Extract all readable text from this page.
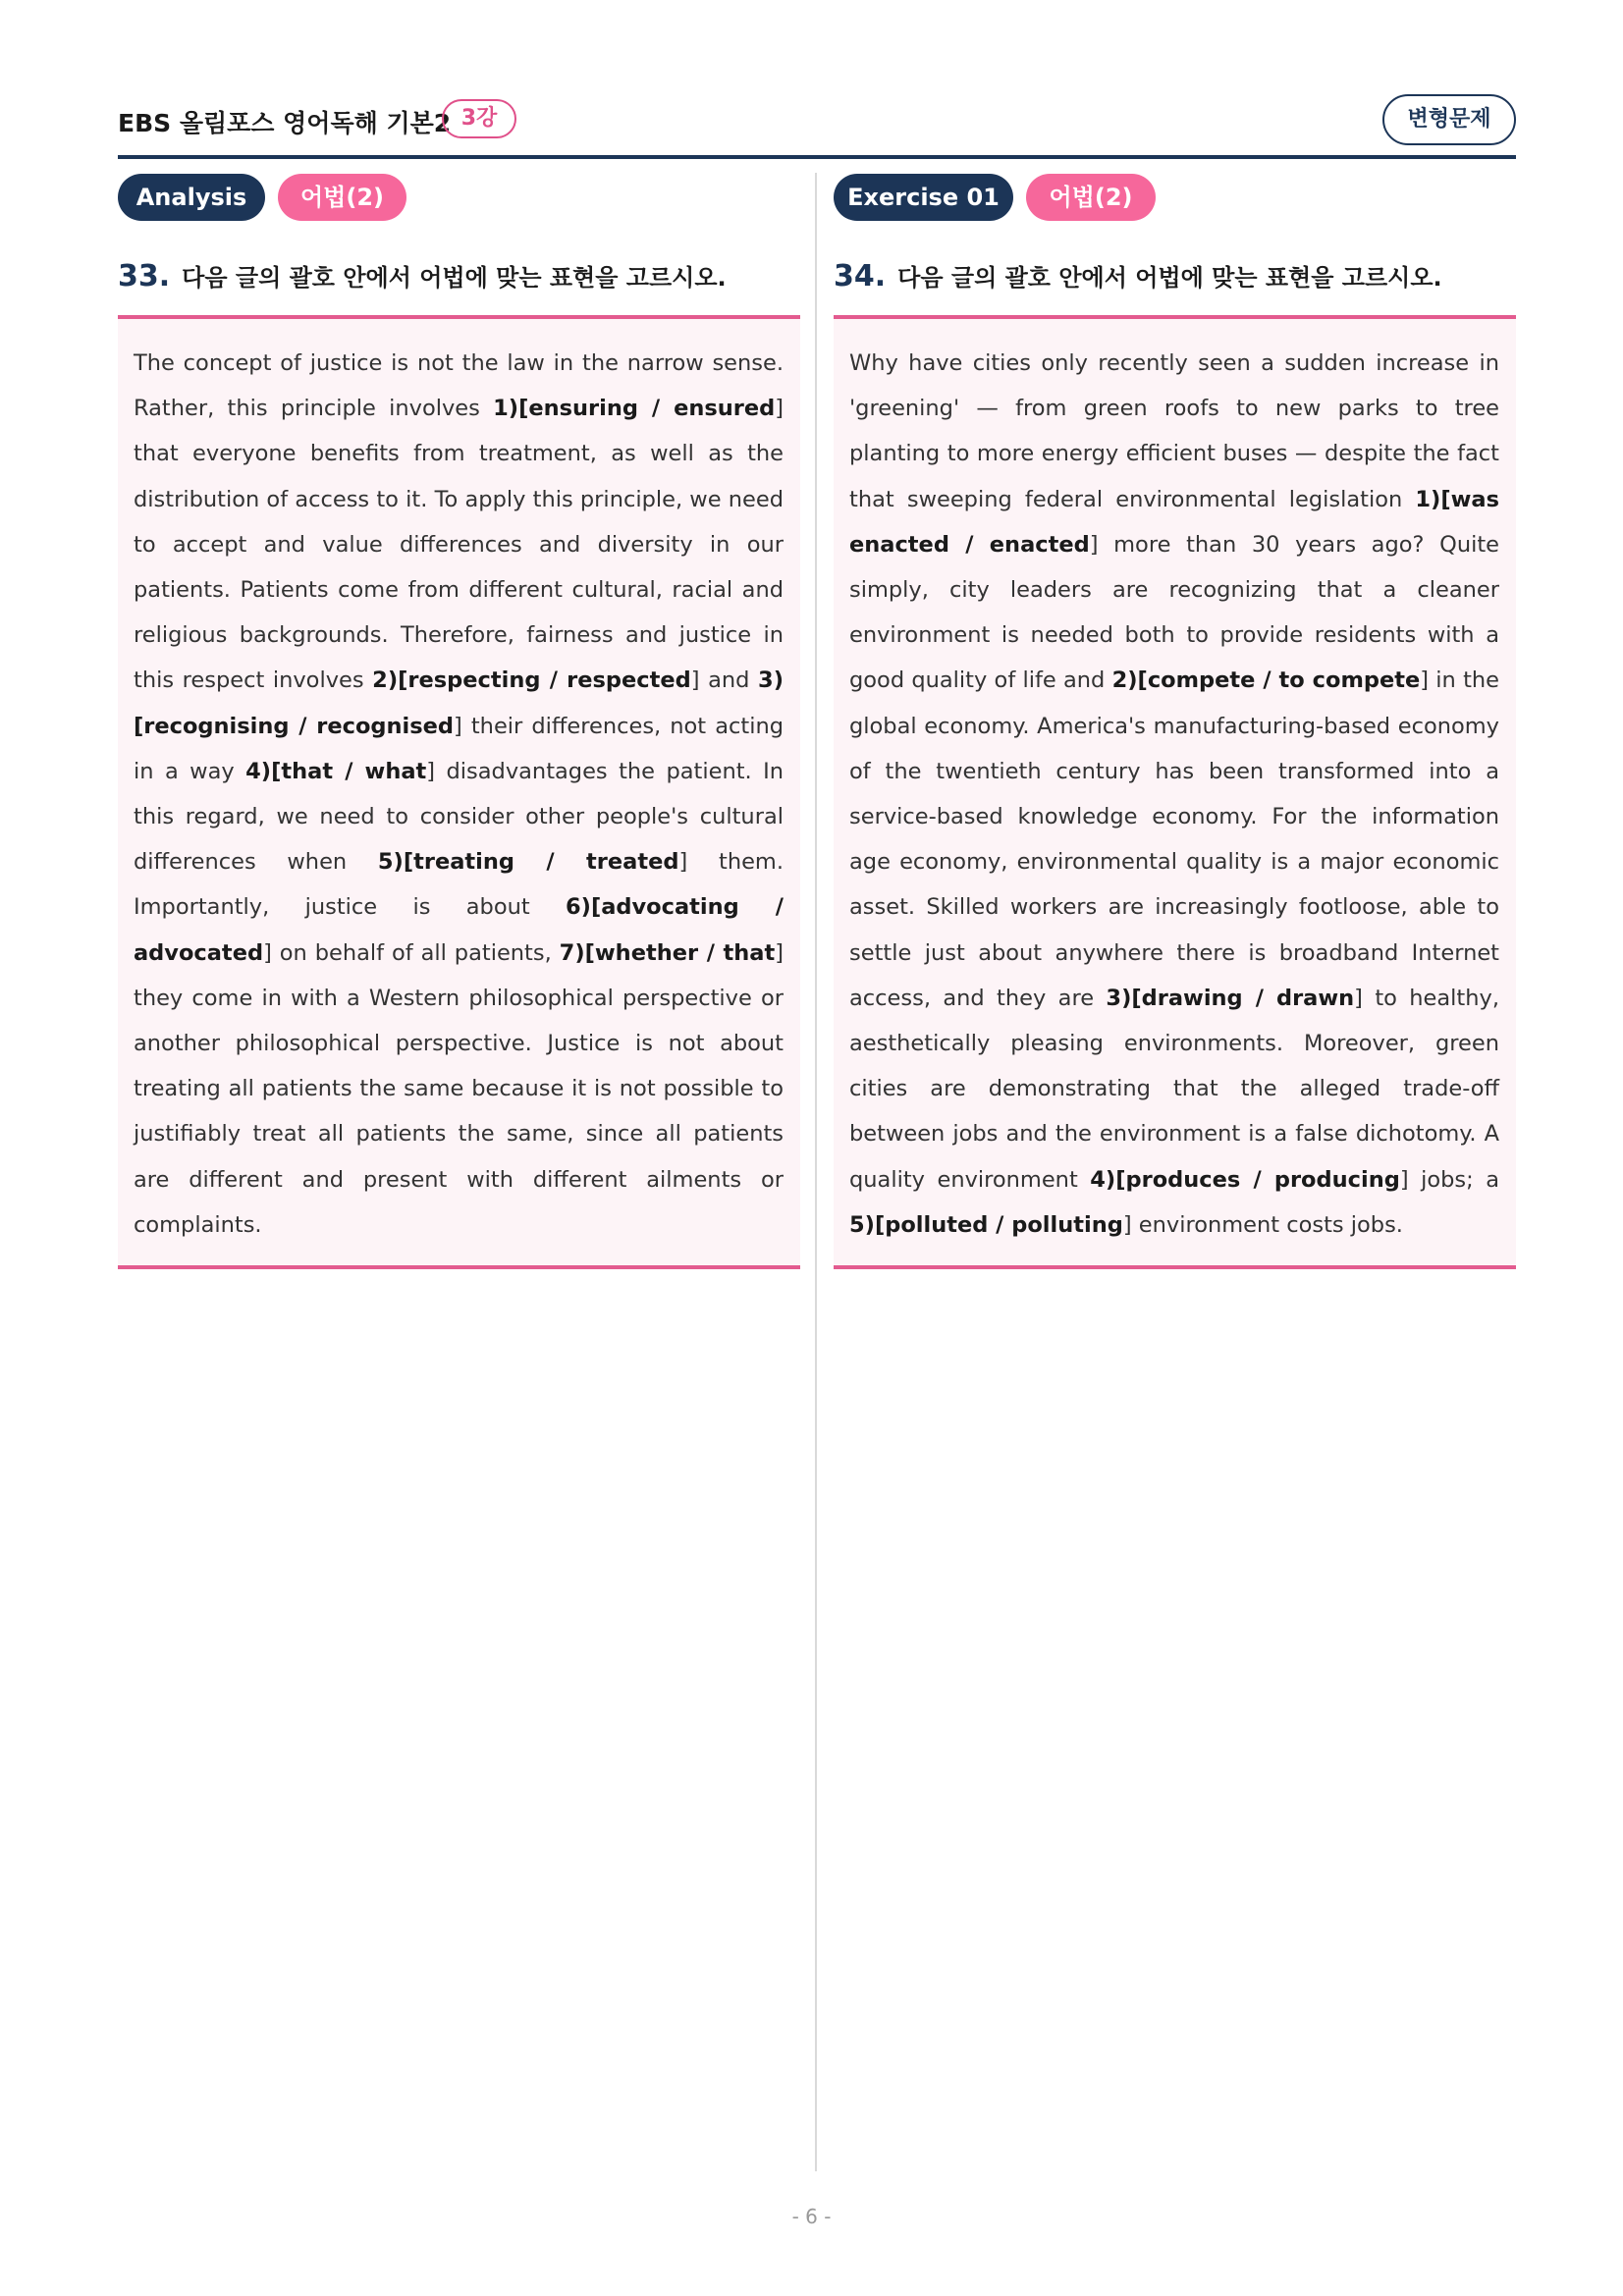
EBS 올림포스 영어독해 기본2 3강	변형문제
Analysis	어법(2)
33. 다음 글의 괄호 안에서 어법에 맞는 표현을 고르시오.

The concept of justice is not the law in the narrow sense. Rather, this principle involves 1)[ensuring / ensured] that everyone benefits from treatment, as well as the distribution of access to it. To apply this principle, we need to accept and value differences and diversity in our patients. Patients come from different cultural, racial and religious backgrounds. Therefore, fairness and justice in this respect involves 2)[respecting / respected] and 3)[recognising / recognised] their differences, not acting in a way 4)[that / what] disadvantages the patient. In this regard, we need to consider other people's cultural differences when 5)[treating / treated] them. Importantly, justice is about 6)[advocating / advocated] on behalf of all patients, 7)[whether / that] they come in with a Western philosophical perspective or another philosophical perspective. Justice is not about treating all patients the same because it is not possible to justifiably treat all patients the same, since all patients are different and present with different ailments or complaints.

Exercise 01	어법(2)
34. 다음 글의 괄호 안에서 어법에 맞는 표현을 고르시오.

Why have cities only recently seen a sudden increase in 'greening' — from green roofs to new parks to tree planting to more energy efficient buses — despite the fact that sweeping federal environmental legislation 1)[was enacted / enacted] more than 30 years ago? Quite simply, city leaders are recognizing that a cleaner environment is needed both to provide residents with a good quality of life and 2)[compete / to compete] in the global economy. America's manufacturing-based economy of the twentieth century has been transformed into a service-based knowledge economy. For the information age economy, environmental quality is a major economic asset. Skilled workers are increasingly footloose, able to settle just about anywhere there is broadband Internet access, and they are 3)[drawing / drawn] to healthy, aesthetically pleasing environments. Moreover, green cities are demonstrating that the alleged trade-off between jobs and the environment is a false dichotomy. A quality environment 4)[produces / producing] jobs; a 5)[polluted / polluting] environment costs jobs.

- 6 -
